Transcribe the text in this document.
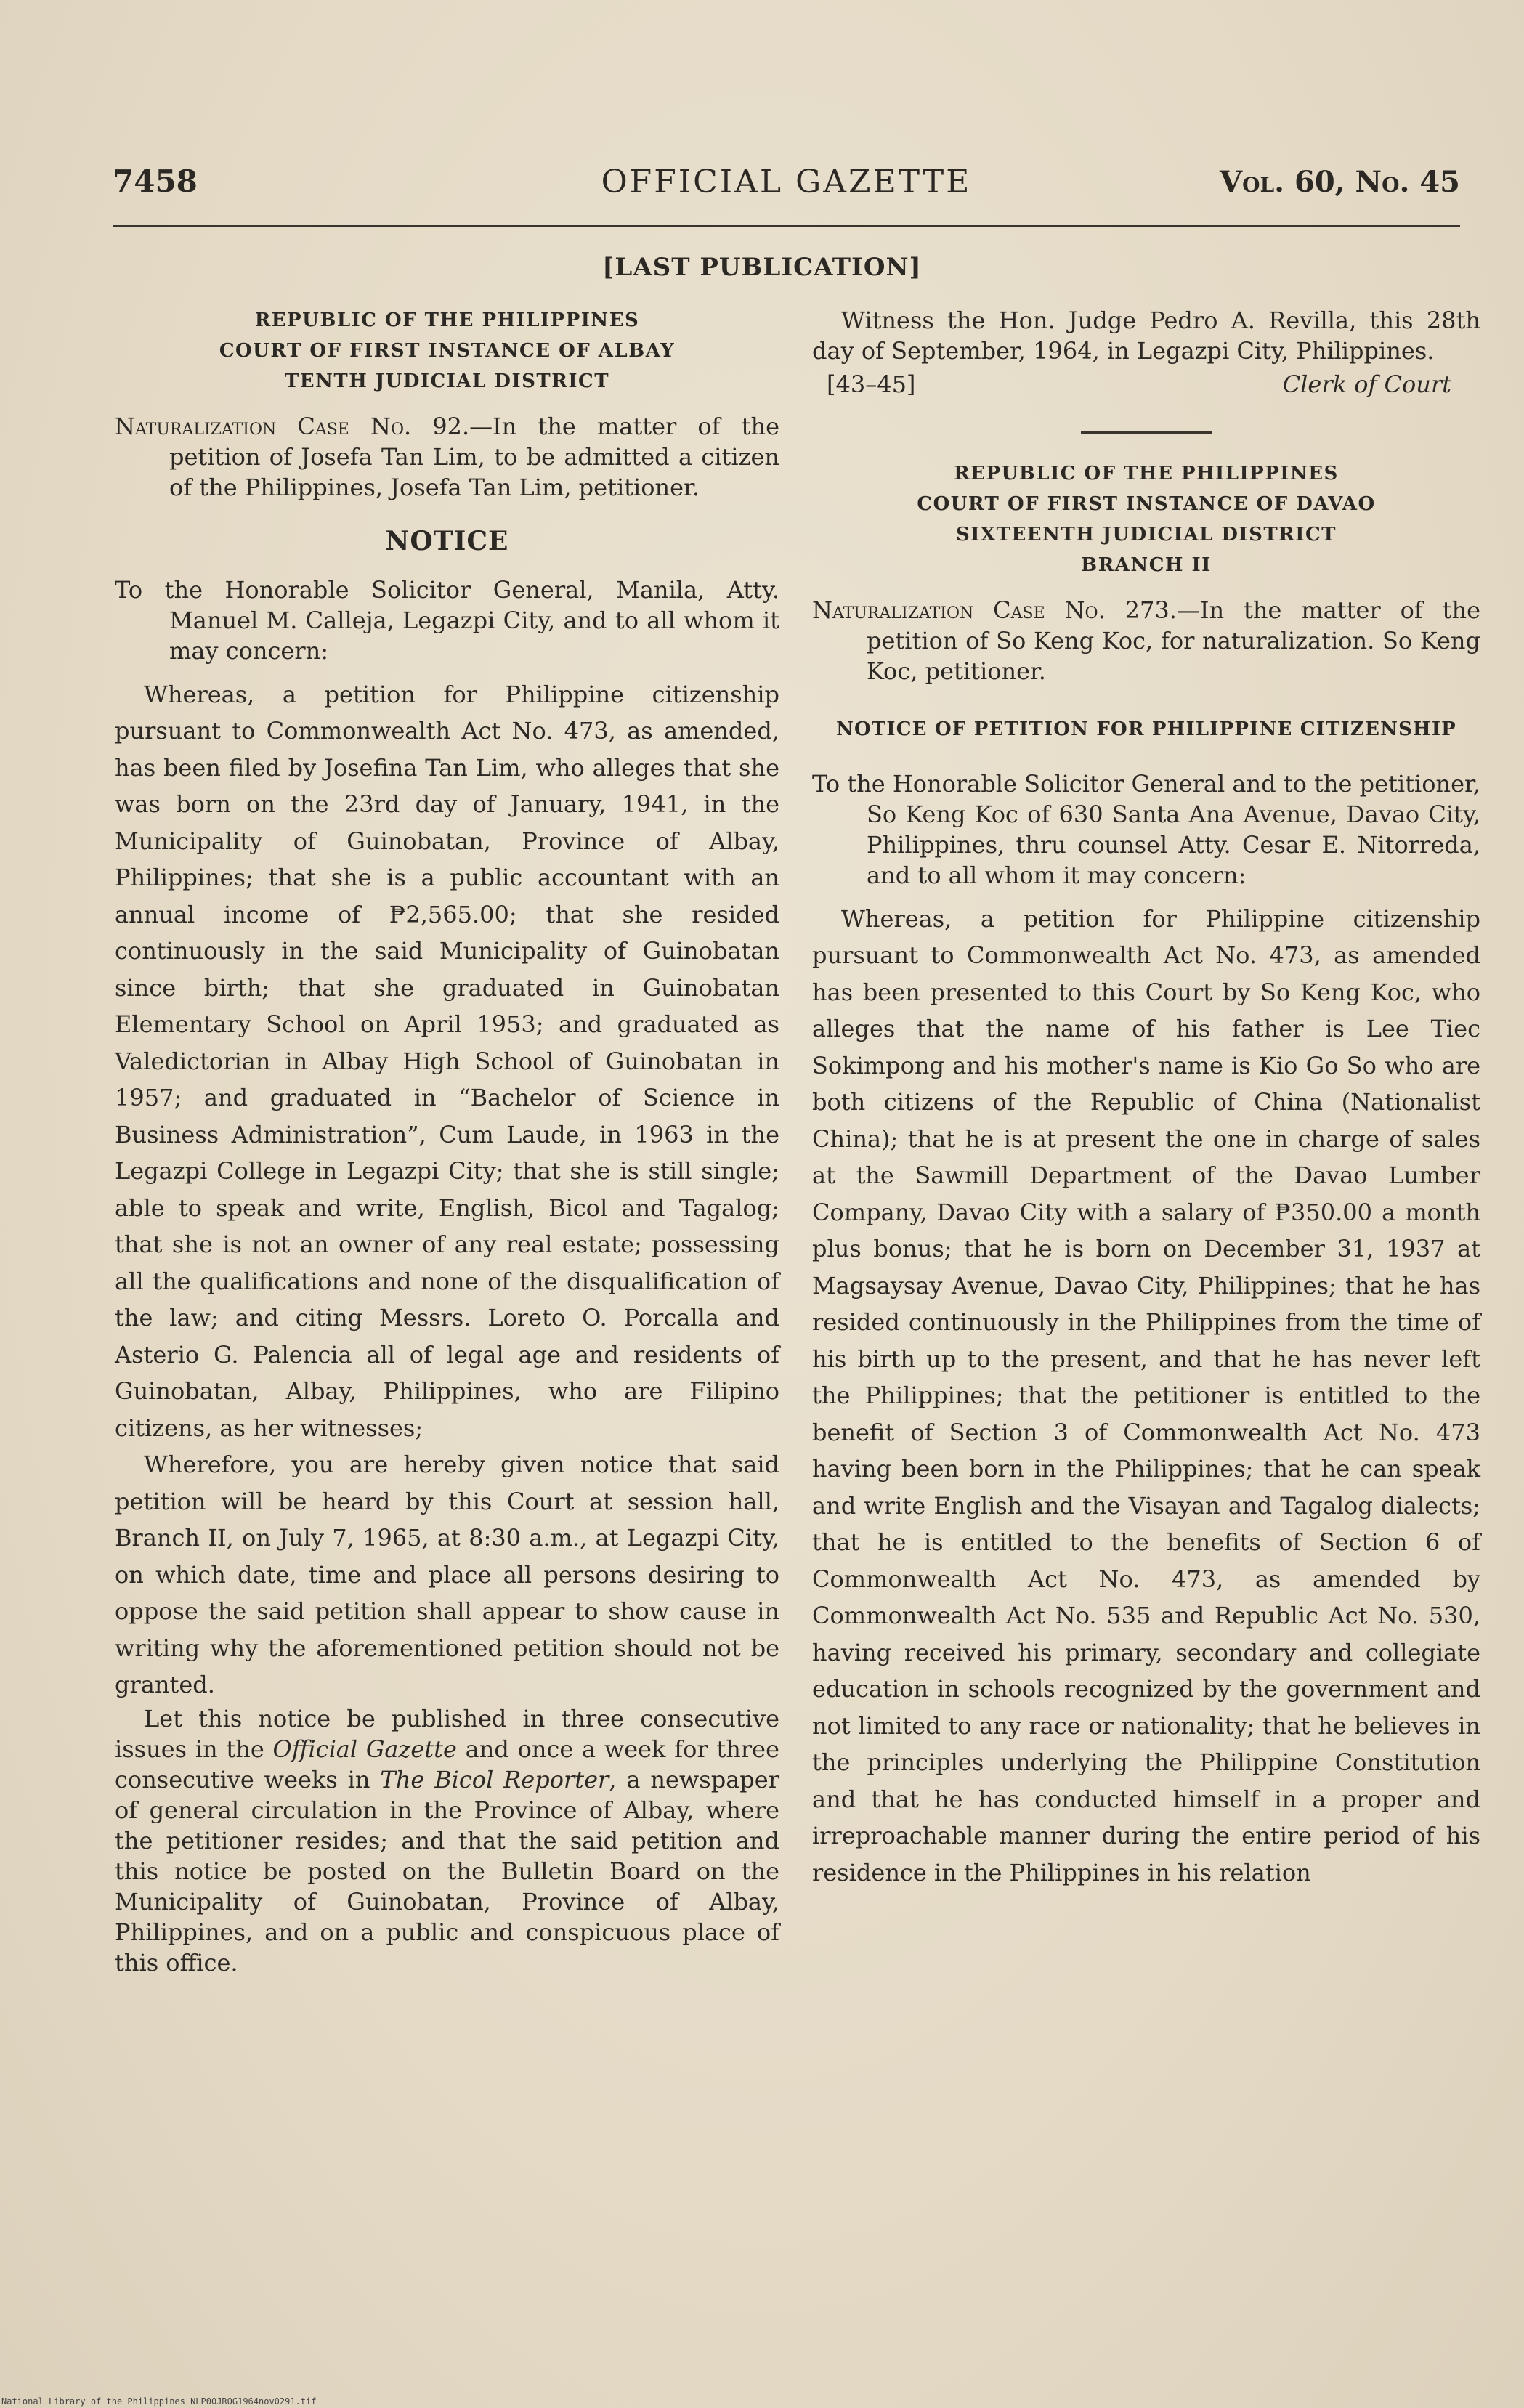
7458	OFFICIAL GAZETTE	Vol. 60, No. 45
[LAST PUBLICATION]
REPUBLIC OF THE PHILIPPINES
COURT OF FIRST INSTANCE OF ALBAY
TENTH JUDICIAL DISTRICT
Naturalization Case No. 92.—In the matter of the petition of Josefa Tan Lim, to be admitted a citizen of the Philippines, Josefa Tan Lim, petitioner.
NOTICE
To the Honorable Solicitor General, Manila, Atty. Manuel M. Calleja, Legazpi City, and to all whom it may concern:
Whereas, a petition for Philippine citizenship pursuant to Commonwealth Act No. 473, as amended, has been filed by Josefina Tan Lim, who alleges that she was born on the 23rd day of January, 1941, in the Municipality of Guinobatan, Province of Albay, Philippines; that she is a public accountant with an annual income of ₱2,565.00; that she resided continuously in the said Municipality of Guinobatan since birth; that she graduated in Guinobatan Elementary School on April 1953; and graduated as Valedictorian in Albay High School of Guinobatan in 1957; and graduated in “Bachelor of Science in Business Administration”, Cum Laude, in 1963 in the Legazpi College in Legazpi City; that she is still single; able to speak and write, English, Bicol and Tagalog; that she is not an owner of any real estate; possessing all the qualifications and none of the disqualification of the law; and citing Messrs. Loreto O. Porcalla and Asterio G. Palencia all of legal age and residents of Guinobatan, Albay, Philippines, who are Filipino citizens, as her witnesses;
Wherefore, you are hereby given notice that said petition will be heard by this Court at session hall, Branch II, on July 7, 1965, at 8:30 a.m., at Legazpi City, on which date, time and place all persons desiring to oppose the said petition shall appear to show cause in writing why the aforementioned petition should not be granted.
Let this notice be published in three consecutive issues in the Official Gazette and once a week for three consecutive weeks in The Bicol Reporter, a newspaper of general circulation in the Province of Albay, where the petitioner resides; and that the said petition and this notice be posted on the Bulletin Board on the Municipality of Guinobatan, Province of Albay, Philippines, and on a public and conspicuous place of this office.
Witness the Hon. Judge Pedro A. Revilla, this 28th day of September, 1964, in Legazpi City, Philippines.
[43–45]	Clerk of Court
REPUBLIC OF THE PHILIPPINES
COURT OF FIRST INSTANCE OF DAVAO
SIXTEENTH JUDICIAL DISTRICT
BRANCH II
Naturalization Case No. 273.—In the matter of the petition of So Keng Koc, for naturalization. So Keng Koc, petitioner.
NOTICE OF PETITION FOR PHILIPPINE CITIZENSHIP
To the Honorable Solicitor General and to the petitioner, So Keng Koc of 630 Santa Ana Avenue, Davao City, Philippines, thru counsel Atty. Cesar E. Nitorreda, and to all whom it may concern:
Whereas, a petition for Philippine citizenship pursuant to Commonwealth Act No. 473, as amended has been presented to this Court by So Keng Koc, who alleges that the name of his father is Lee Tiec Sokimpong and his mother's name is Kio Go So who are both citizens of the Republic of China (Nationalist China); that he is at present the one in charge of sales at the Sawmill Department of the Davao Lumber Company, Davao City with a salary of ₱350.00 a month plus bonus; that he is born on December 31, 1937 at Magsaysay Avenue, Davao City, Philippines; that he has resided continuously in the Philippines from the time of his birth up to the present, and that he has never left the Philippines; that the petitioner is entitled to the benefit of Section 3 of Commonwealth Act No. 473 having been born in the Philippines; that he can speak and write English and the Visayan and Tagalog dialects; that he is entitled to the benefits of Section 6 of Commonwealth Act No. 473, as amended by Commonwealth Act No. 535 and Republic Act No. 530, having received his primary, secondary and collegiate education in schools recognized by the government and not limited to any race or nationality; that he believes in the principles underlying the Philippine Constitution and that he has conducted himself in a proper and irreproachable manner during the entire period of his residence in the Philippines in his relation
National Library of the Philippines NLP00JROG1964nov0291.tif
